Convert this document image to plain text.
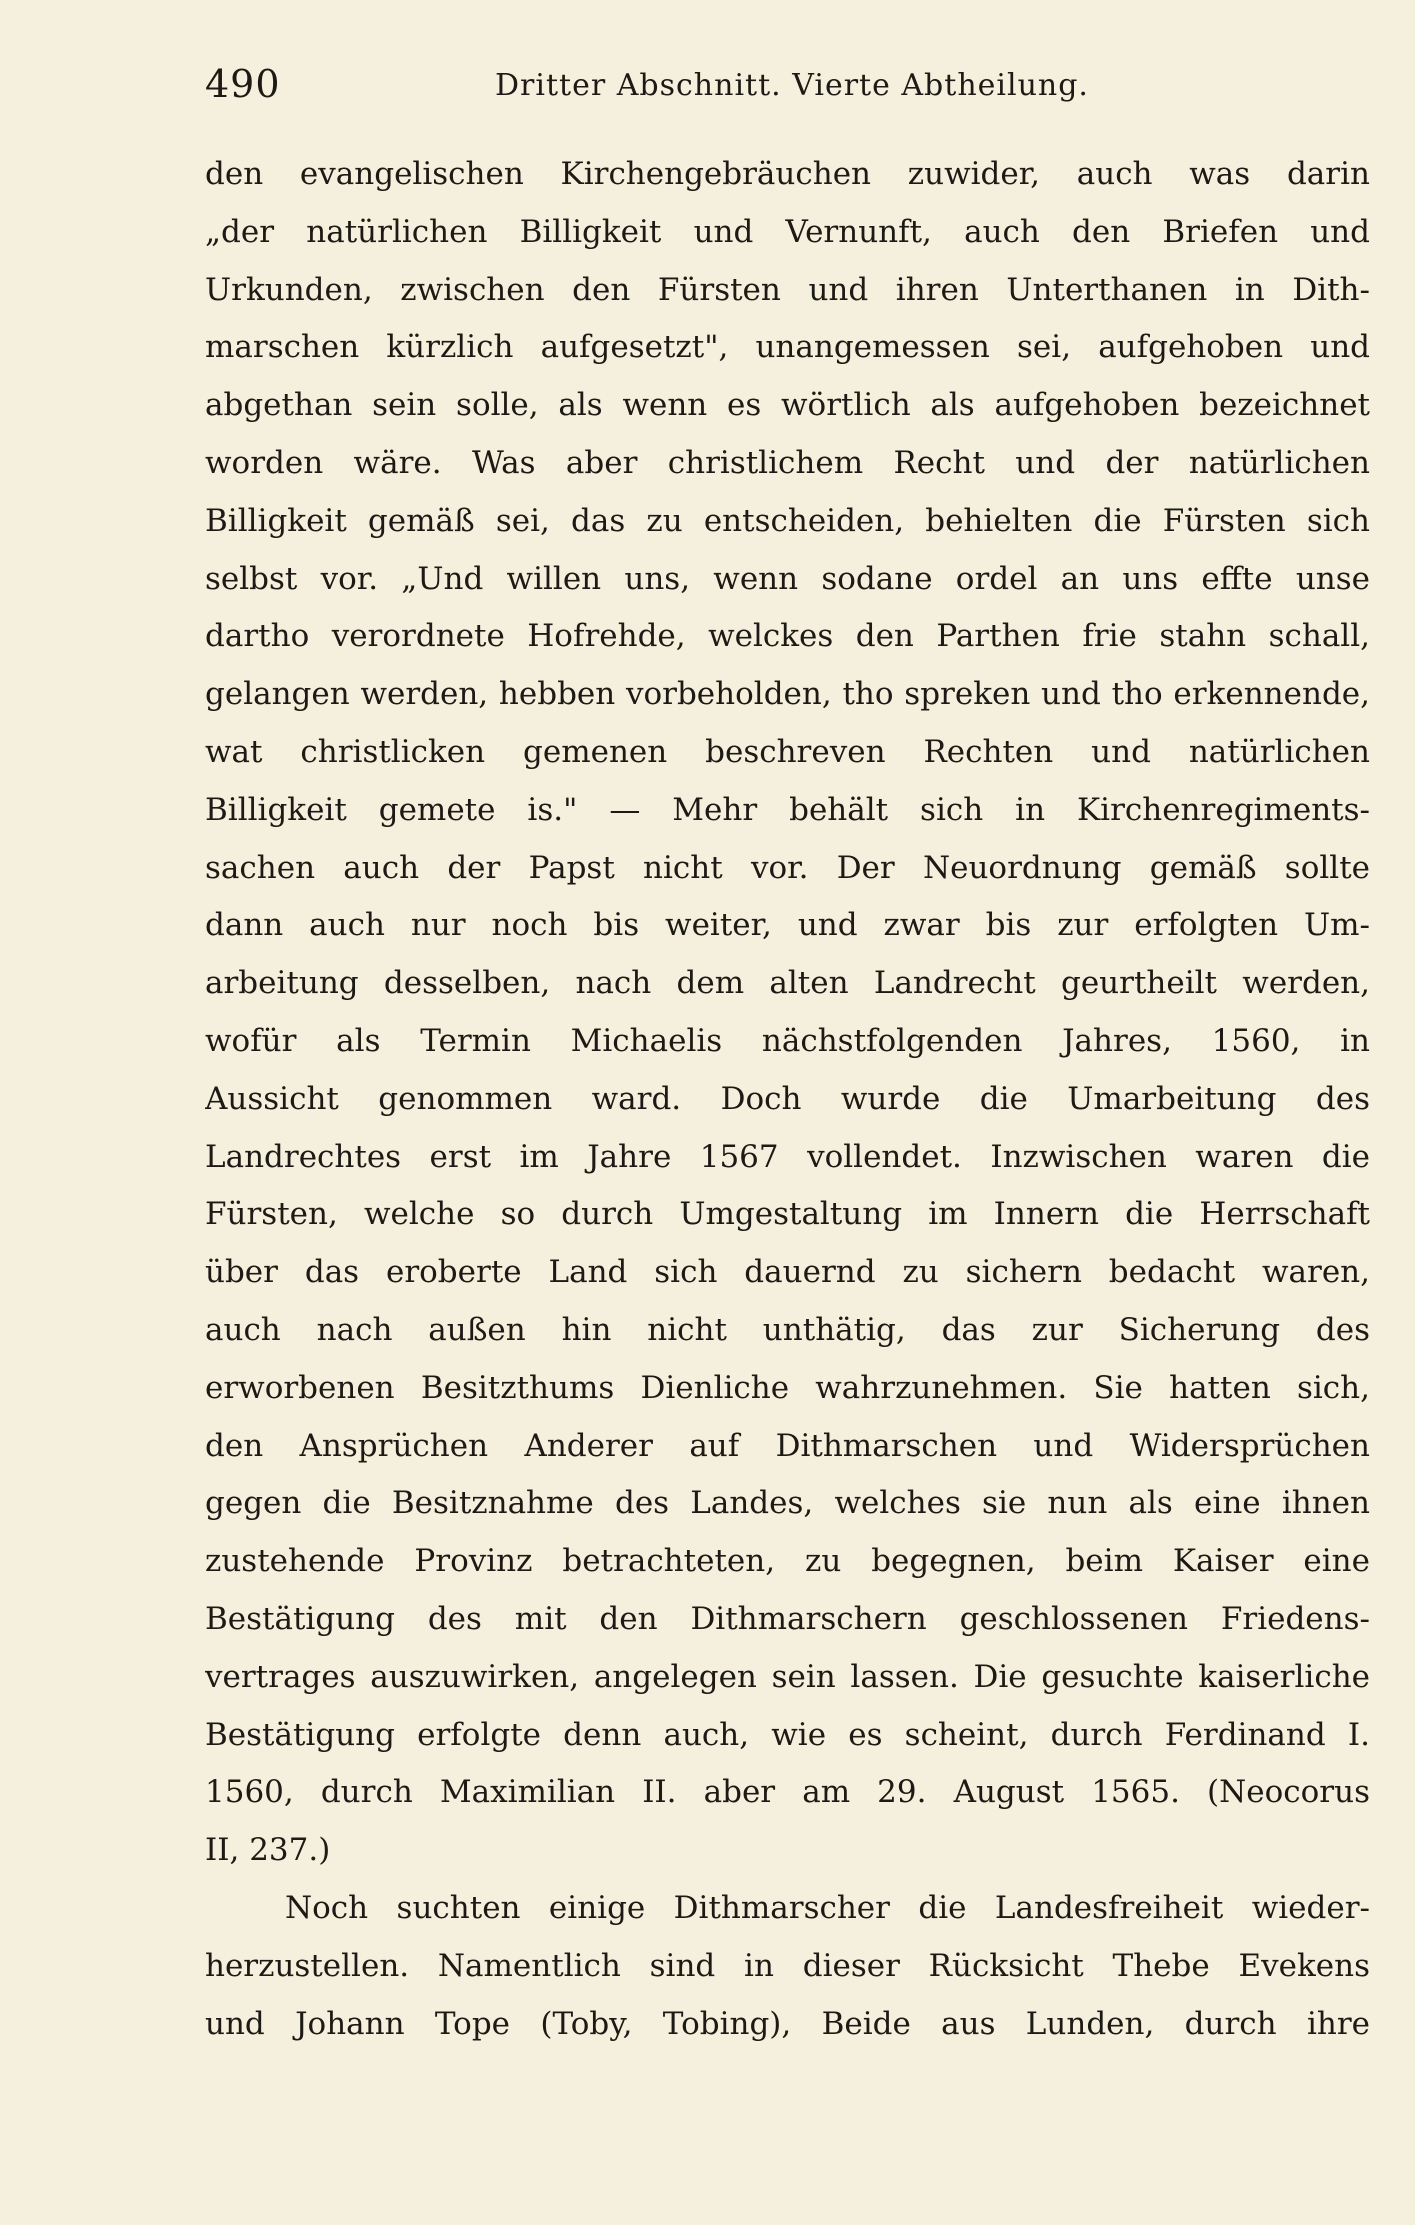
490	Dritter Abschnitt. Vierte Abtheilung.
den evangelischen Kirchengebräuchen zuwider, auch was darin
„der natürlichen Billigkeit und Vernunft, auch den Briefen und
Urkunden, zwischen den Fürsten und ihren Unterthanen in Dith-
marschen kürzlich aufgesetzt", unangemessen sei, aufgehoben und
abgethan sein solle, als wenn es wörtlich als aufgehoben bezeichnet
worden wäre. Was aber christlichem Recht und der natürlichen
Billigkeit gemäß sei, das zu entscheiden, behielten die Fürsten sich
selbst vor. „Und willen uns, wenn sodane ordel an uns effte unse
dartho verordnete Hofrehde, welckes den Parthen frie stahn schall,
gelangen werden, hebben vorbeholden, tho spreken und tho erkennende,
wat christlicken gemenen beschreven Rechten und natürlichen
Billigkeit gemete is." — Mehr behält sich in Kirchenregiments-
sachen auch der Papst nicht vor. Der Neuordnung gemäß sollte
dann auch nur noch bis weiter, und zwar bis zur erfolgten Um-
arbeitung desselben, nach dem alten Landrecht geurtheilt werden,
wofür als Termin Michaelis nächstfolgenden Jahres, 1560, in
Aussicht genommen ward. Doch wurde die Umarbeitung des
Landrechtes erst im Jahre 1567 vollendet. Inzwischen waren die
Fürsten, welche so durch Umgestaltung im Innern die Herrschaft
über das eroberte Land sich dauernd zu sichern bedacht waren,
auch nach außen hin nicht unthätig, das zur Sicherung des
erworbenen Besitzthums Dienliche wahrzunehmen. Sie hatten sich,
den Ansprüchen Anderer auf Dithmarschen und Widersprüchen
gegen die Besitznahme des Landes, welches sie nun als eine ihnen
zustehende Provinz betrachteten, zu begegnen, beim Kaiser eine
Bestätigung des mit den Dithmarschern geschlossenen Friedens-
vertrages auszuwirken, angelegen sein lassen. Die gesuchte kaiserliche
Bestätigung erfolgte denn auch, wie es scheint, durch Ferdinand I.
1560, durch Maximilian II. aber am 29. August 1565. (Neocorus
II, 237.)
Noch suchten einige Dithmarscher die Landesfreiheit wieder-
herzustellen. Namentlich sind in dieser Rücksicht Thebe Evekens
und Johann Tope (Toby, Tobing), Beide aus Lunden, durch ihre
